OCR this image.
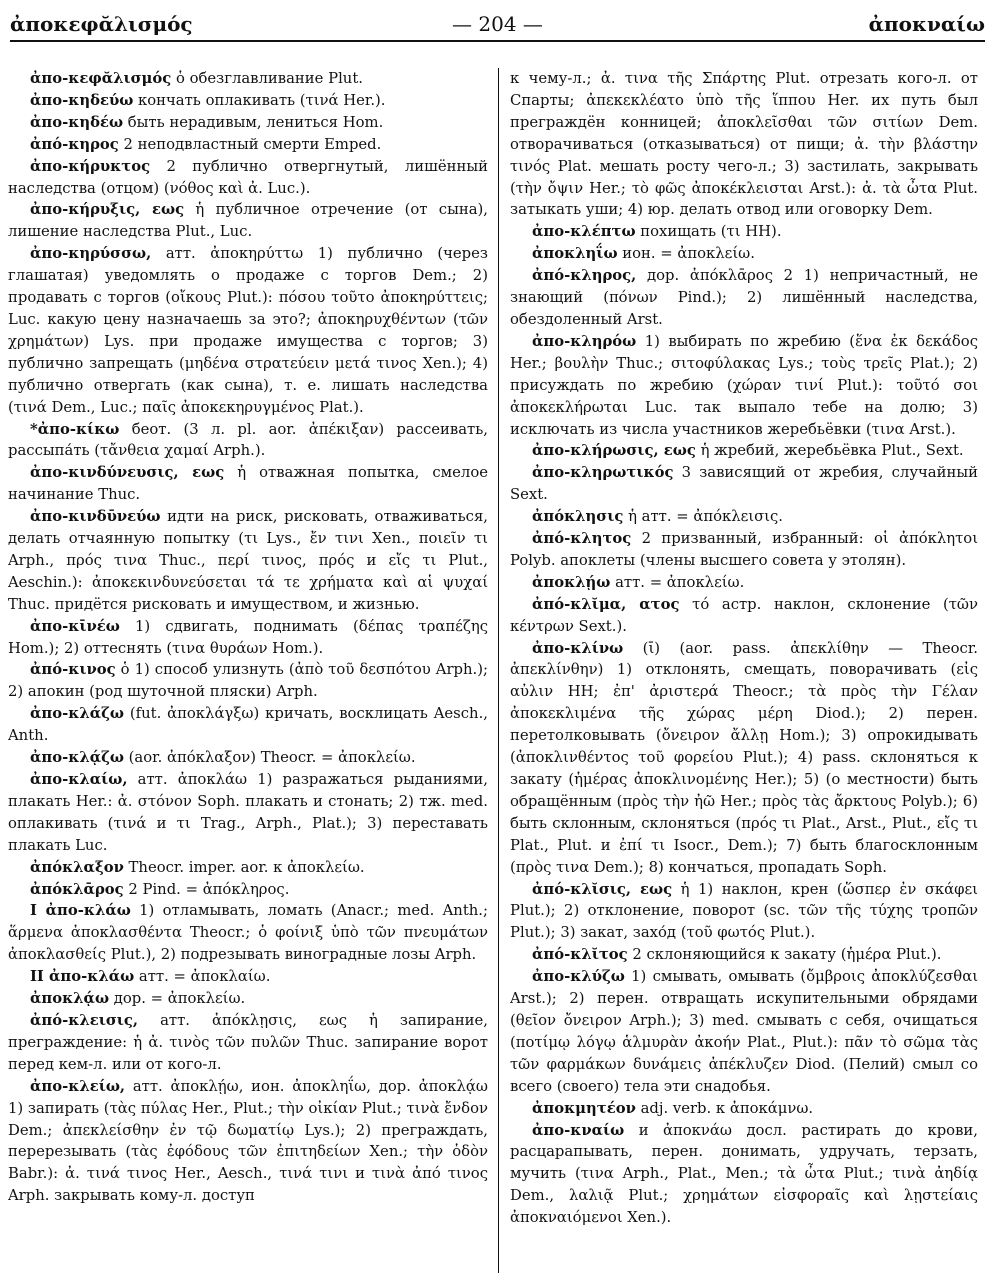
ἀποκεφᾰλισμός	— 204 —	ἀποκναίω

ἀπο-κεφᾰλισμός ὁ обезглавливание Plut.

ἀπο-κηδεύω кончать оплакивать (τινά Her.).

ἀπο-κηδέω быть нерадивым, лениться Hom.

ἀπό-κηρος 2 неподвластный смерти Emped.

ἀπο-κήρυκτος 2 публично отвергнутый, лишённый наследства (отцом) (νόθος καὶ ἀ. Luc.).

ἀπο-κήρυξις, εως ἡ публичное отречение (от сына), лишение наследства Plut., Luc.

ἀπο-κηρύσσω, атт. ἀποκηρύττω 1) публично (через глашатая) уведомлять о продаже с торгов Dem.; 2) продавать с торгов (οἴκους Plut.): πόσου τοῦτο ἀποκηρύττεις; Luc. какую цену назначаешь за это?; ἀποκηρυχθέντων (τῶν χρημάτων) Lys. при продаже имущества с торгов; 3) публично запрещать (μηδένα στρατεύειν μετά τινος Xen.); 4) публично отвергать (как сына), т. е. лишать наследства (τινά Dem., Luc.; παῖς ἀποκεκηρυγμένος Plat.).

*ἀπο-κίκω беот. (3 л. pl. aor. ἀπέκιξαν) рассеивать, рассыпа́ть (τἄνθεια χαμαί Arph.).

ἀπο-κινδύνευσις, εως ἡ отважная попытка, смелое начинание Thuc.

ἀπο-κινδῡνεύω идти на риск, рисковать, отваживаться, делать отчаянную попытку (τι Lys., ἔν τινι Xen., ποιεῖν τι Arph., πρός τινα Thuc., περί τινος, πρός и εἴς τι Plut., Aeschin.): ἀποκεκινδυνεύσεται τά τε χρήματα καὶ αἱ ψυχαί Thuc. придётся рисковать и имуществом, и жизнью.

ἀπο-κῑνέω 1) сдвигать, поднимать (δέπας τραπέζης Hom.); 2) оттеснять (τινα θυράων Hom.).

ἀπό-κινος ὁ 1) способ улизнуть (ἀπὸ τοῦ δεσπότου Arph.); 2) апокин (род шуточной пляски) Arph.

ἀπο-κλάζω (fut. ἀποκλάγξω) кричать, восклицать Aesch., Anth.

ἀπο-κλᾴζω (aor. ἀπόκλαξον) Theocr. = ἀποκλείω.

ἀπο-κλαίω, атт. ἀποκλάω 1) разражаться рыданиями, плакать Her.: ἀ. στόνον Soph. плакать и стонать; 2) тж. med. оплакивать (τινά и τι Trag., Arph., Plat.); 3) переставать плакать Luc.

ἀπόκλαξον Theocr. imper. aor. к ἀποκλείω.

ἀπόκλᾱρος 2 Pind. = ἀπόκληρος.

I ἀπο-κλάω 1) отламывать, ломать (Anacr.; med. Anth.; ἅρμενα ἀποκλασθέντα Theocr.; ὁ φοίνιξ ὑπὸ τῶν πνευμάτων ἀποκλασθείς Plut.), 2) подрезывать виноградные лозы Arph.

II ἀπο-κλάω атт. = ἀποκλαίω.

ἀποκλᾴω дор. = ἀποκλείω.

ἀπό-κλεισις, атт. ἀπόκλῃσις, εως ἡ запирание, преграждение: ἡ ἀ. τινὸς τῶν πυλῶν Thuc. запирание ворот перед кем-л. или от кого-л.

ἀπο-κλείω, атт. ἀποκλῄω, ион. ἀποκληΐω, дор. ἀποκλᾴω 1) запирать (τὰς πύλας Her., Plut.; τὴν οἰκίαν Plut.; τινὰ ἔνδον Dem.; ἀπεκλείσθην ἐν τῷ δωματίῳ Lys.); 2) преграждать, перерезывать (τὰς ἐφόδους τῶν ἐπιτηδείων Xen.; τὴν ὁδὸν Babr.): ἀ. τινά τινος Her., Aesch., τινά τινι и τινὰ ἀπό τινος Arph. закрывать кому-л. доступ

к чему-л.; ἀ. τινα τῆς Σπάρτης Plut. отрезать кого-л. от Спарты; ἀπεκεκλέατο ὑπὸ τῆς ἵππου Her. их путь был преграждён конницей; ἀποκλεῖσθαι τῶν σιτίων Dem. отворачиваться (отказываться) от пищи; ἀ. τὴν βλάστην τινός Plat. мешать росту чего-л.; 3) застилать, закрывать (τὴν ὄψιν Her.; τὸ φῶς ἀποκέκλεισται Arst.): ἀ. τὰ ὦτα Plut. затыкать уши; 4) юр. делать отвод или оговорку Dem.

ἀπο-κλέπτω похищать (τι НН).

ἀποκληΐω ион. = ἀποκλείω.

ἀπό-κληρος, дор. ἀπόκλᾱρος 2 1) непричастный, не знающий (πόνων Pind.); 2) лишённый наследства, обездоленный Arst.

ἀπο-κληρόω 1) выбирать по жребию (ἕνα ἐκ δεκάδος Her.; βουλὴν Thuc.; σιτοφύλακας Lys.; τοὺς τρεῖς Plat.); 2) присуждать по жребию (χώραν τινί Plut.): τοῦτό σοι ἀποκεκλήρωται Luc. так выпало тебе на долю; 3) исключать из числа участников жеребьёвки (τινα Arst.).

ἀπο-κλήρωσις, εως ἡ жребий, жеребьёвка Plut., Sext.

ἀπο-κληρωτικός 3 зависящий от жребия, случайный Sext.

ἀπόκλησις ἡ атт. = ἀπόκλεισις.

ἀπό-κλητος 2 призванный, избранный: οἱ ἀπόκλητοι Polyb. апоклеты (члены высшего совета у этолян).

ἀποκλῄω атт. = ἀποκλείω.

ἀπό-κλῐμα, ατος τό астр. наклон, склонение (τῶν κέντρων Sext.).

ἀπο-κλίνω (ῑ) (aor. pass. ἀπεκλίθην — Theocr. ἀπεκλίνθην) 1) отклонять, смещать, поворачивать (εἰς αὐλιν НН; ἐπ' ἀριστερά Theocr.; τὰ πρὸς τὴν Γέλαν ἀποκεκλιμένα τῆς χώρας μέρη Diod.); 2) перен. перетолковывать (ὄνειρον ἄλλῃ Hom.); 3) опрокидывать (ἀποκλινθέντος τοῦ φορείου Plut.); 4) pass. склоняться к закату (ἡμέρας ἀποκλινομένης Her.); 5) (о местности) быть обращённым (πρὸς τὴν ἠῶ Her.; πρὸς τὰς ἄρκτους Polyb.); 6) быть склонным, склоняться (πρός τι Plat., Arst., Plut., εἴς τι Plat., Plut. и ἐπί τι Isocr., Dem.); 7) быть благосклонным (πρὸς τινα Dem.); 8) кончаться, пропадать Soph.

ἀπό-κλῐσις, εως ἡ 1) наклон, крен (ὥσπερ ἐν σκάφει Plut.); 2) отклонение, поворот (sc. τῶν τῆς τύχης τροπῶν Plut.); 3) закат, захо́д (τοῦ φωτός Plut.).

ἀπό-κλῐτος 2 склоняющийся к закату (ἡμέρα Plut.).

ἀπο-κλύζω 1) смывать, омывать (ὄμβροις ἀποκλύζεσθαι Arst.); 2) перен. отвращать искупительными обрядами (θεῖον ὄνειρον Arph.); 3) med. смывать с себя, очищаться (ποτίμῳ λόγῳ ἁλμυρὰν ἀκοήν Plat., Plut.): πᾶν τὸ σῶμα τὰς τῶν φαρμάκων δυνάμεις ἀπέκλυζεν Diod. (Пелий) смыл со всего (своего) тела эти снадобья.

ἀποκμητέον adj. verb. к ἀποκάμνω.

ἀπο-κναίω и ἀποκνάω досл. растирать до крови, расцарапывать, перен. донимать, удручать, терзать, мучить (τινα Arph., Plat., Men.; τὰ ὦτα Plut.; τινὰ ἀηδίᾳ Dem., λαλιᾷ Plut.; χρημάτων εἰσφοραῖς καὶ λῃστείαις ἀποκναιόμενοι Xen.).
